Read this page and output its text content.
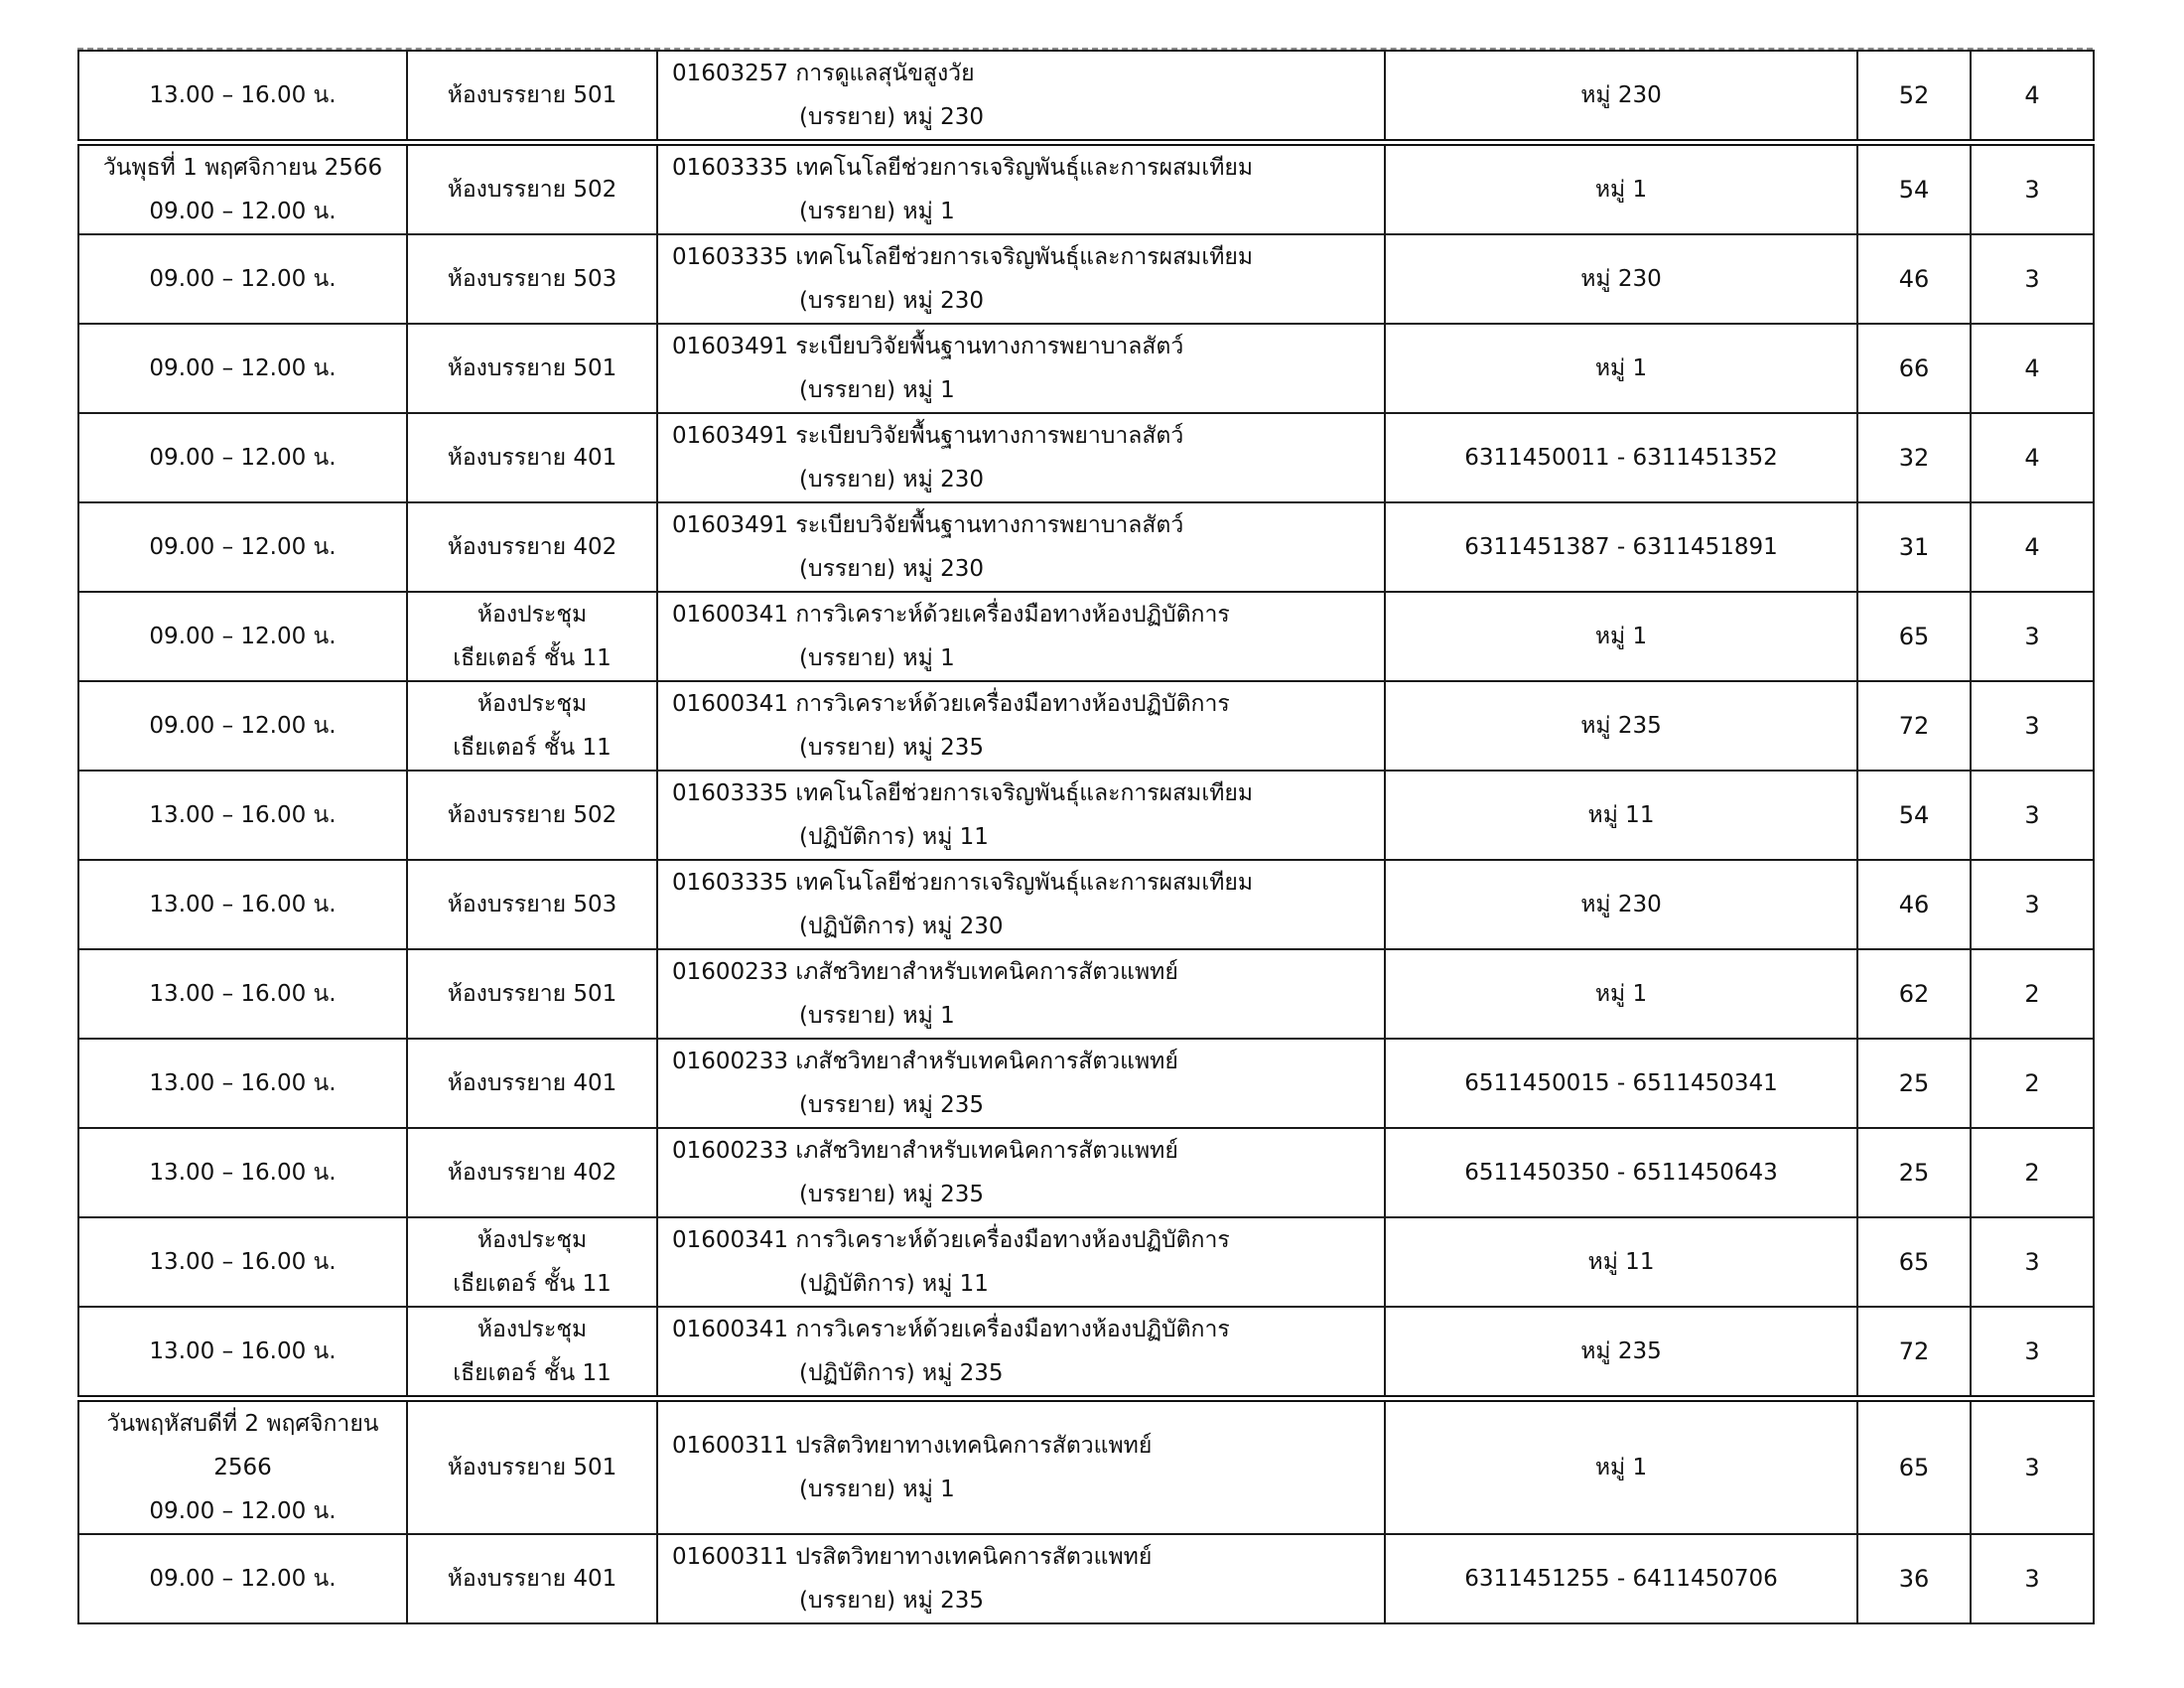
13.00 – 16.00 น.	ห้องบรรยาย 501	01603257 การดูแลสุนัขสูงวัย
(บรรยาย) หมู่ 230	หมู่ 230	52	4

วันพุธที่ 1 พฤศจิกายน 2566
09.00 – 12.00 น.	ห้องบรรยาย 502	01603335 เทคโนโลยีช่วยการเจริญพันธุ์และการผสมเทียม
(บรรยาย) หมู่ 1	หมู่ 1	54	3

09.00 – 12.00 น.	ห้องบรรยาย 503	01603335 เทคโนโลยีช่วยการเจริญพันธุ์และการผสมเทียม
(บรรยาย) หมู่ 230	หมู่ 230	46	3

09.00 – 12.00 น.	ห้องบรรยาย 501	01603491 ระเบียบวิจัยพื้นฐานทางการพยาบาลสัตว์
(บรรยาย) หมู่ 1	หมู่ 1	66	4

09.00 – 12.00 น.	ห้องบรรยาย 401	01603491 ระเบียบวิจัยพื้นฐานทางการพยาบาลสัตว์
(บรรยาย) หมู่ 230	6311450011 - 6311451352	32	4

09.00 – 12.00 น.	ห้องบรรยาย 402	01603491 ระเบียบวิจัยพื้นฐานทางการพยาบาลสัตว์
(บรรยาย) หมู่ 230	6311451387 - 6311451891	31	4

09.00 – 12.00 น.	ห้องประชุม
เธียเตอร์ ชั้น 11	01600341 การวิเคราะห์ด้วยเครื่องมือทางห้องปฏิบัติการ
(บรรยาย) หมู่ 1	หมู่ 1	65	3

09.00 – 12.00 น.	ห้องประชุม
เธียเตอร์ ชั้น 11	01600341 การวิเคราะห์ด้วยเครื่องมือทางห้องปฏิบัติการ
(บรรยาย) หมู่ 235	หมู่ 235	72	3

13.00 – 16.00 น.	ห้องบรรยาย 502	01603335 เทคโนโลยีช่วยการเจริญพันธุ์และการผสมเทียม
(ปฏิบัติการ) หมู่ 11	หมู่ 11	54	3

13.00 – 16.00 น.	ห้องบรรยาย 503	01603335 เทคโนโลยีช่วยการเจริญพันธุ์และการผสมเทียม
(ปฏิบัติการ) หมู่ 230	หมู่ 230	46	3

13.00 – 16.00 น.	ห้องบรรยาย 501	01600233 เภสัชวิทยาสำหรับเทคนิคการสัตวแพทย์
(บรรยาย) หมู่ 1	หมู่ 1	62	2

13.00 – 16.00 น.	ห้องบรรยาย 401	01600233 เภสัชวิทยาสำหรับเทคนิคการสัตวแพทย์
(บรรยาย) หมู่ 235	6511450015 - 6511450341	25	2

13.00 – 16.00 น.	ห้องบรรยาย 402	01600233 เภสัชวิทยาสำหรับเทคนิคการสัตวแพทย์
(บรรยาย) หมู่ 235	6511450350 - 6511450643	25	2

13.00 – 16.00 น.	ห้องประชุม
เธียเตอร์ ชั้น 11	01600341 การวิเคราะห์ด้วยเครื่องมือทางห้องปฏิบัติการ
(ปฏิบัติการ) หมู่ 11	หมู่ 11	65	3

13.00 – 16.00 น.	ห้องประชุม
เธียเตอร์ ชั้น 11	01600341 การวิเคราะห์ด้วยเครื่องมือทางห้องปฏิบัติการ
(ปฏิบัติการ) หมู่ 235	หมู่ 235	72	3

วันพฤหัสบดีที่ 2 พฤศจิกายน 2566
09.00 – 12.00 น.	ห้องบรรยาย 501	01600311 ปรสิตวิทยาทางเทคนิคการสัตวแพทย์
(บรรยาย) หมู่ 1	หมู่ 1	65	3

09.00 – 12.00 น.	ห้องบรรยาย 401	01600311 ปรสิตวิทยาทางเทคนิคการสัตวแพทย์
(บรรยาย) หมู่ 235	6311451255 - 6411450706	36	3
